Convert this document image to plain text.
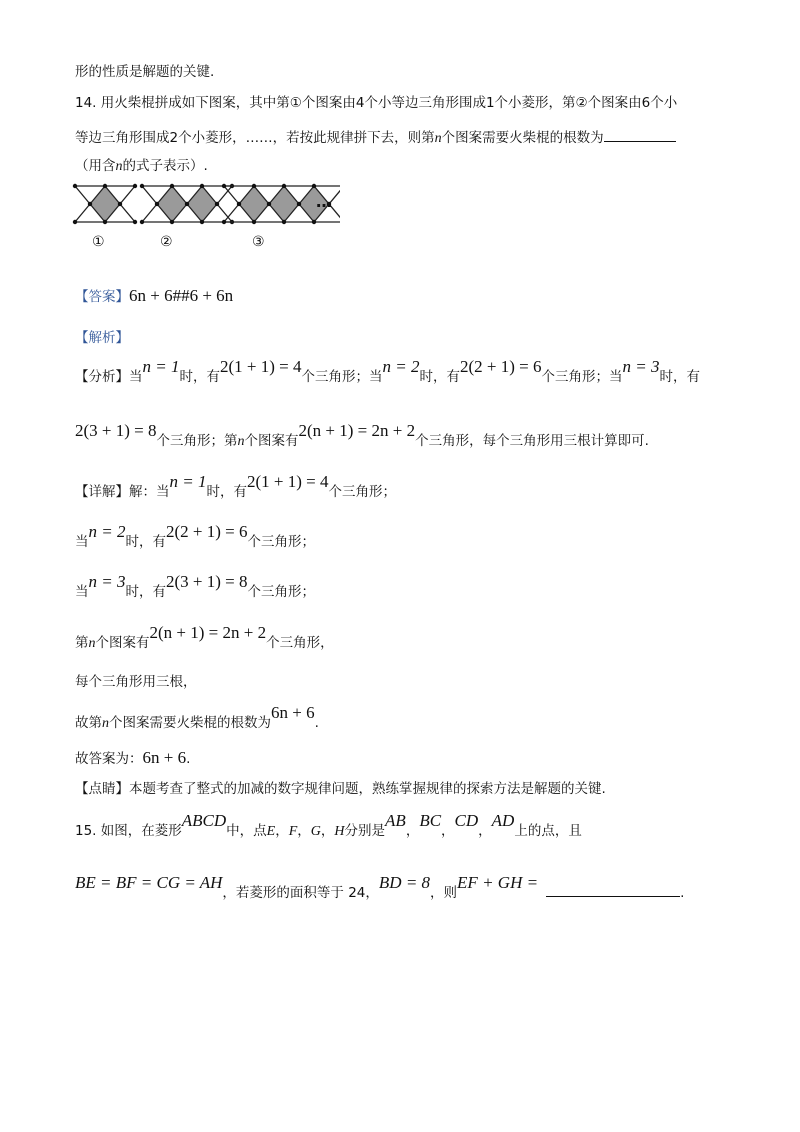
形的性质是解题的关键.
14. 用火柴棍拼成如下图案，其中第①个图案由4个小等边三角形围成1个小菱形，第②个图案由6个小
等边三角形围成2个小菱形，……，若按此规律拼下去，则第n个图案需要火柴棍的根数为
（用含n的式子表示）.
①	②	③
…
【答案】6n + 6##6 + 6n
【解析】
【分析】当n = 1时，有2(1 + 1) = 4个三角形；当n = 2时，有2(2 + 1) = 6个三角形；当n = 3时，有
2(3 + 1) = 8个三角形；第n个图案有2(n + 1) = 2n + 2个三角形，每个三角形用三根计算即可.
【详解】解：当n = 1时，有2(1 + 1) = 4个三角形；
当n = 2时，有2(2 + 1) = 6个三角形；
当n = 3时，有2(3 + 1) = 8个三角形；
第n个图案有2(n + 1) = 2n + 2个三角形，
每个三角形用三根，
故第n个图案需要火柴棍的根数为6n + 6.
故答案为：6n + 6.
【点睛】本题考查了整式的加减的数字规律问题，熟练掌握规律的探索方法是解题的关键.
15. 如图，在菱形ABCD中，点E，F，G，H分别是AB，BC，CD，AD上的点，且
BE = BF = CG = AH，若菱形的面积等于 24，BD = 8，则EF + GH =.
